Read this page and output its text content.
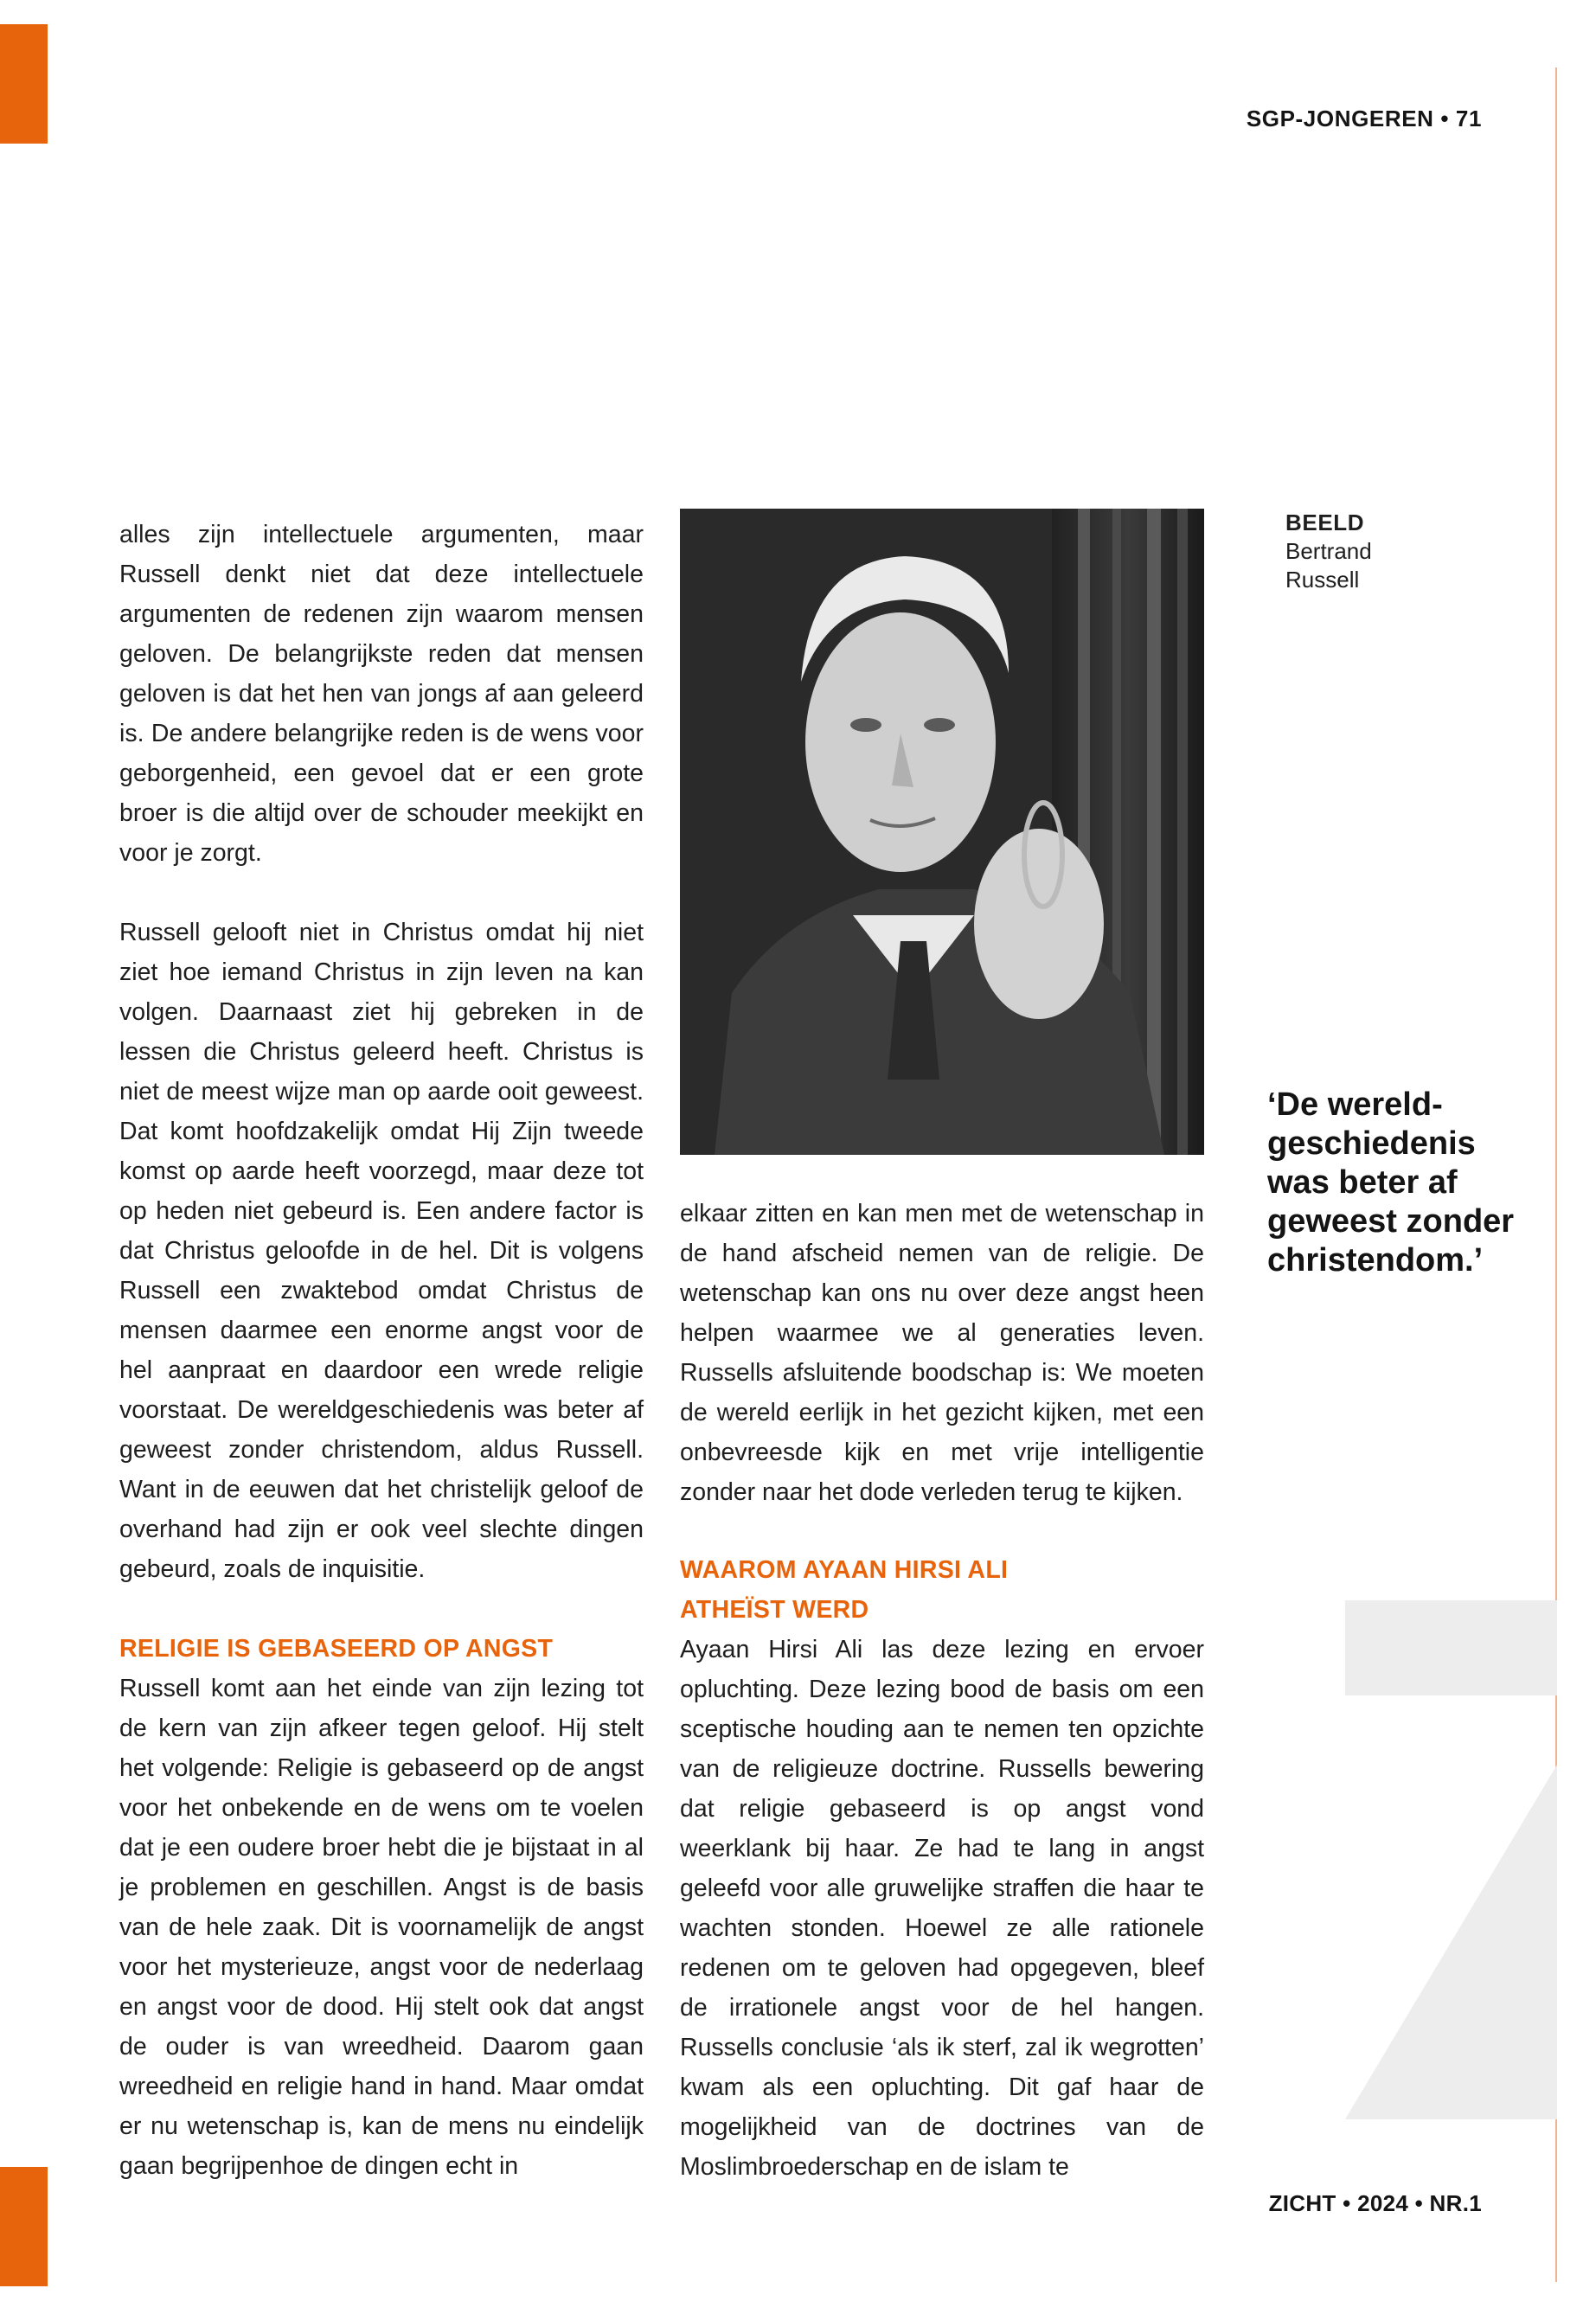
SGP-JONGEREN • 71

alles zijn intellectuele argumenten, maar Russell denkt niet dat deze intellectuele argumenten de redenen zijn waarom mensen geloven. De belangrijkste reden dat mensen geloven is dat het hen van jongs af aan geleerd is. De andere belangrijke reden is de wens voor geborgenheid, een gevoel dat er een grote broer is die altijd over de schouder meekijkt en voor je zorgt.

Russell gelooft niet in Christus omdat hij niet ziet hoe iemand Christus in zijn leven na kan volgen. Daarnaast ziet hij gebreken in de lessen die Christus geleerd heeft. Christus is niet de meest wijze man op aarde ooit geweest. Dat komt hoofdzakelijk omdat Hij Zijn tweede komst op aarde heeft voorzegd, maar deze tot op heden niet gebeurd is. Een andere factor is dat Christus geloofde in de hel. Dit is volgens Russell een zwaktebod omdat Christus de mensen daarmee een enorme angst voor de hel aanpraat en daardoor een wrede religie voorstaat. De wereldgeschiedenis was beter af geweest zonder christendom, aldus Russell. Want in de eeuwen dat het christelijk geloof de overhand had zijn er ook veel slechte dingen gebeurd, zoals de inquisitie.

RELIGIE IS GEBASEERD OP ANGST

Russell komt aan het einde van zijn lezing tot de kern van zijn afkeer tegen geloof. Hij stelt het volgende: Religie is gebaseerd op de angst voor het onbekende en de wens om te voelen dat je een oudere broer hebt die je bijstaat in al je problemen en geschillen. Angst is de basis van de hele zaak. Dit is voornamelijk de angst voor het mysterieuze, angst voor de nederlaag en angst voor de dood. Hij stelt ook dat angst de ouder is van wreedheid. Daarom gaan wreedheid en religie hand in hand. Maar omdat er nu wetenschap is, kan de mens nu eindelijk gaan begrijpenhoe de dingen echt in

BEELD
Bertrand
Russell
‘De wereld-geschiedenis was beter af geweest zonder christendom.’

elkaar zitten en kan men met de wetenschap in de hand afscheid nemen van de religie. De wetenschap kan ons nu over deze angst heen helpen waarmee we al generaties leven. Russells afsluitende boodschap is: We moeten de wereld eerlijk in het gezicht kijken, met een onbevreesde kijk en met vrije intelligentie zonder naar het dode verleden terug te kijken.

WAAROM AYAAN HIRSI ALI
ATHEÏST WERD

Ayaan Hirsi Ali las deze lezing en ervoer opluchting. Deze lezing bood de basis om een sceptische houding aan te nemen ten opzichte van de religieuze doctrine. Russells bewering dat religie gebaseerd is op angst vond weerklank bij haar. Ze had te lang in angst geleefd voor alle gruwelijke straffen die haar te wachten stonden. Hoewel ze alle rationele redenen om te geloven had opgegeven, bleef de irrationele angst voor de hel hangen. Russells conclusie ‘als ik sterf, zal ik wegrotten’ kwam als een opluchting. Dit gaf haar de mogelijkheid van de doctrines van de Moslimbroederschap en de islam te

ZICHT • 2024 • NR.1
